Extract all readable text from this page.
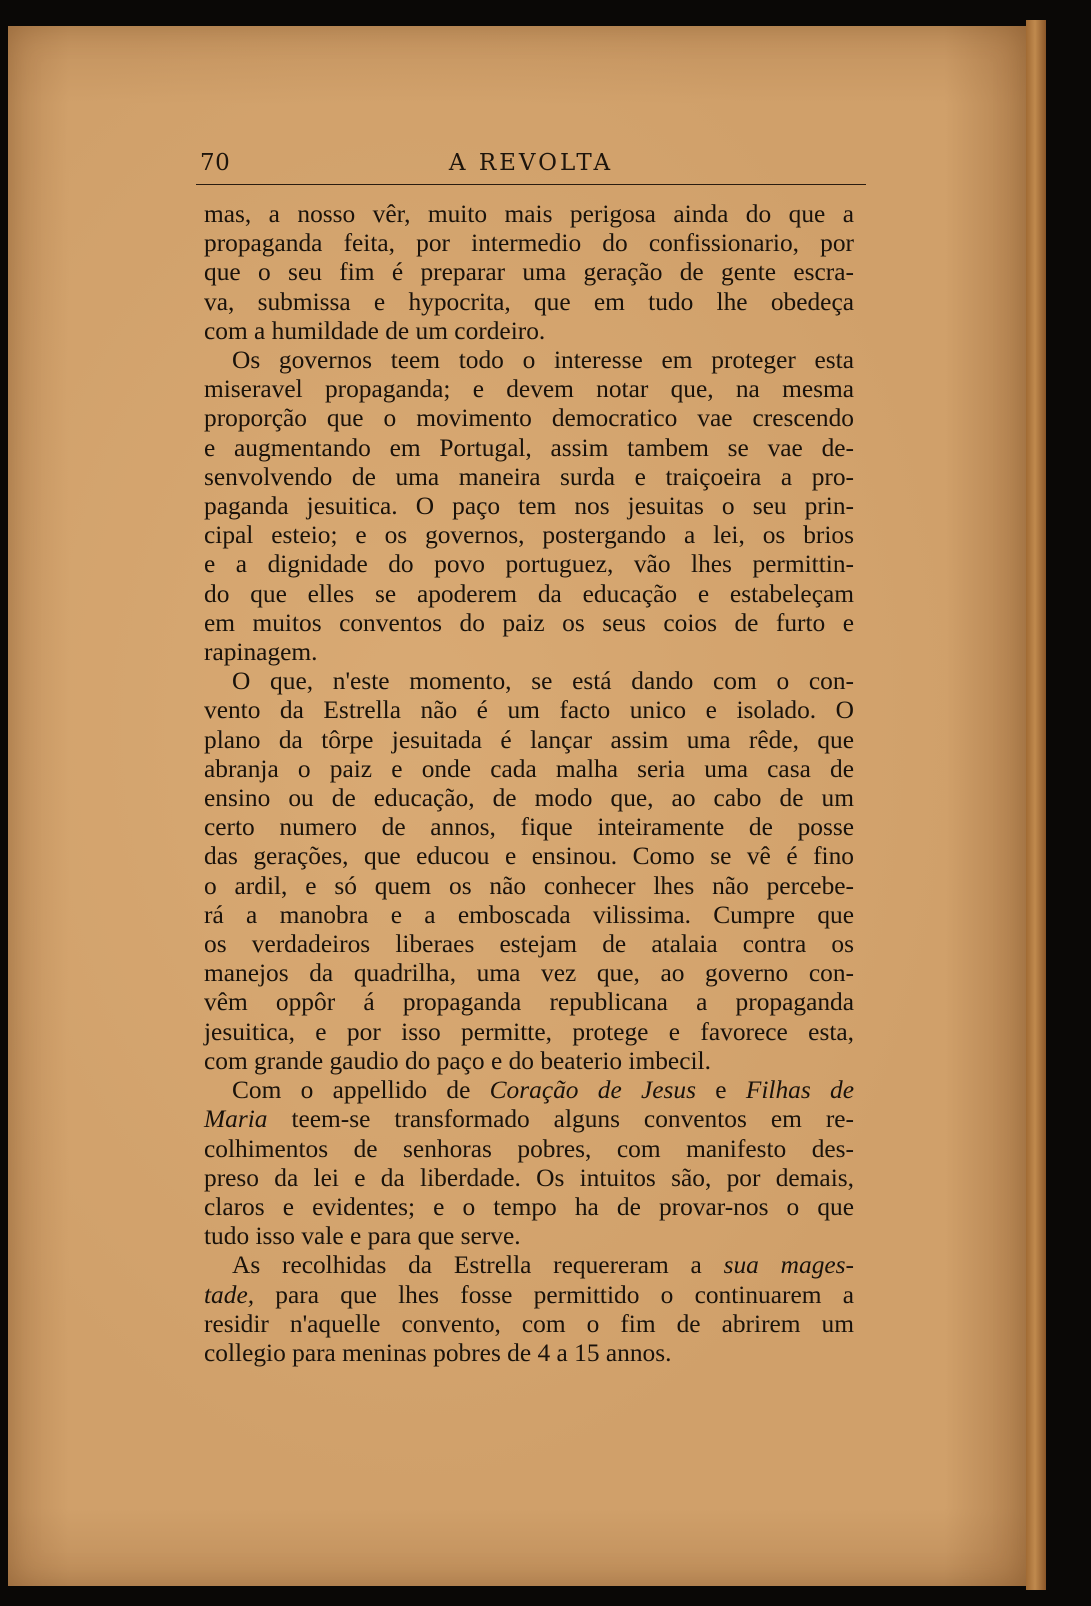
70	A REVOLTA
mas, a nosso vêr, muito mais perigosa ainda do que a
propaganda feita, por intermedio do confissionario, por
que o seu fim é preparar uma geração de gente escra-
va, submissa e hypocrita, que em tudo lhe obedeça
com a humildade de um cordeiro.
Os governos teem todo o interesse em proteger esta
miseravel propaganda; e devem notar que, na mesma
proporção que o movimento democratico vae crescendo
e augmentando em Portugal, assim tambem se vae de-
senvolvendo de uma maneira surda e traiçoeira a pro-
paganda jesuitica. O paço tem nos jesuitas o seu prin-
cipal esteio; e os governos, postergando a lei, os brios
e a dignidade do povo portuguez, vão lhes permittin-
do que elles se apoderem da educação e estabeleçam
em muitos conventos do paiz os seus coios de furto e
rapinagem.
O que, n'este momento, se está dando com o con-
vento da Estrella não é um facto unico e isolado. O
plano da tôrpe jesuitada é lançar assim uma rêde, que
abranja o paiz e onde cada malha seria uma casa de
ensino ou de educação, de modo que, ao cabo de um
certo numero de annos, fique inteiramente de posse
das gerações, que educou e ensinou. Como se vê é fino
o ardil, e só quem os não conhecer lhes não percebe-
rá a manobra e a emboscada vilissima. Cumpre que
os verdadeiros liberaes estejam de atalaia contra os
manejos da quadrilha, uma vez que, ao governo con-
vêm oppôr á propaganda republicana a propaganda
jesuitica, e por isso permitte, protege e favorece esta,
com grande gaudio do paço e do beaterio imbecil.
Com o appellido de Coração de Jesus e Filhas de
Maria teem-se transformado alguns conventos em re-
colhimentos de senhoras pobres, com manifesto des-
preso da lei e da liberdade. Os intuitos são, por demais,
claros e evidentes; e o tempo ha de provar-nos o que
tudo isso vale e para que serve.
As recolhidas da Estrella requereram a sua mages-
tade, para que lhes fosse permittido o continuarem a
residir n'aquelle convento, com o fim de abrirem um
collegio para meninas pobres de 4 a 15 annos.
